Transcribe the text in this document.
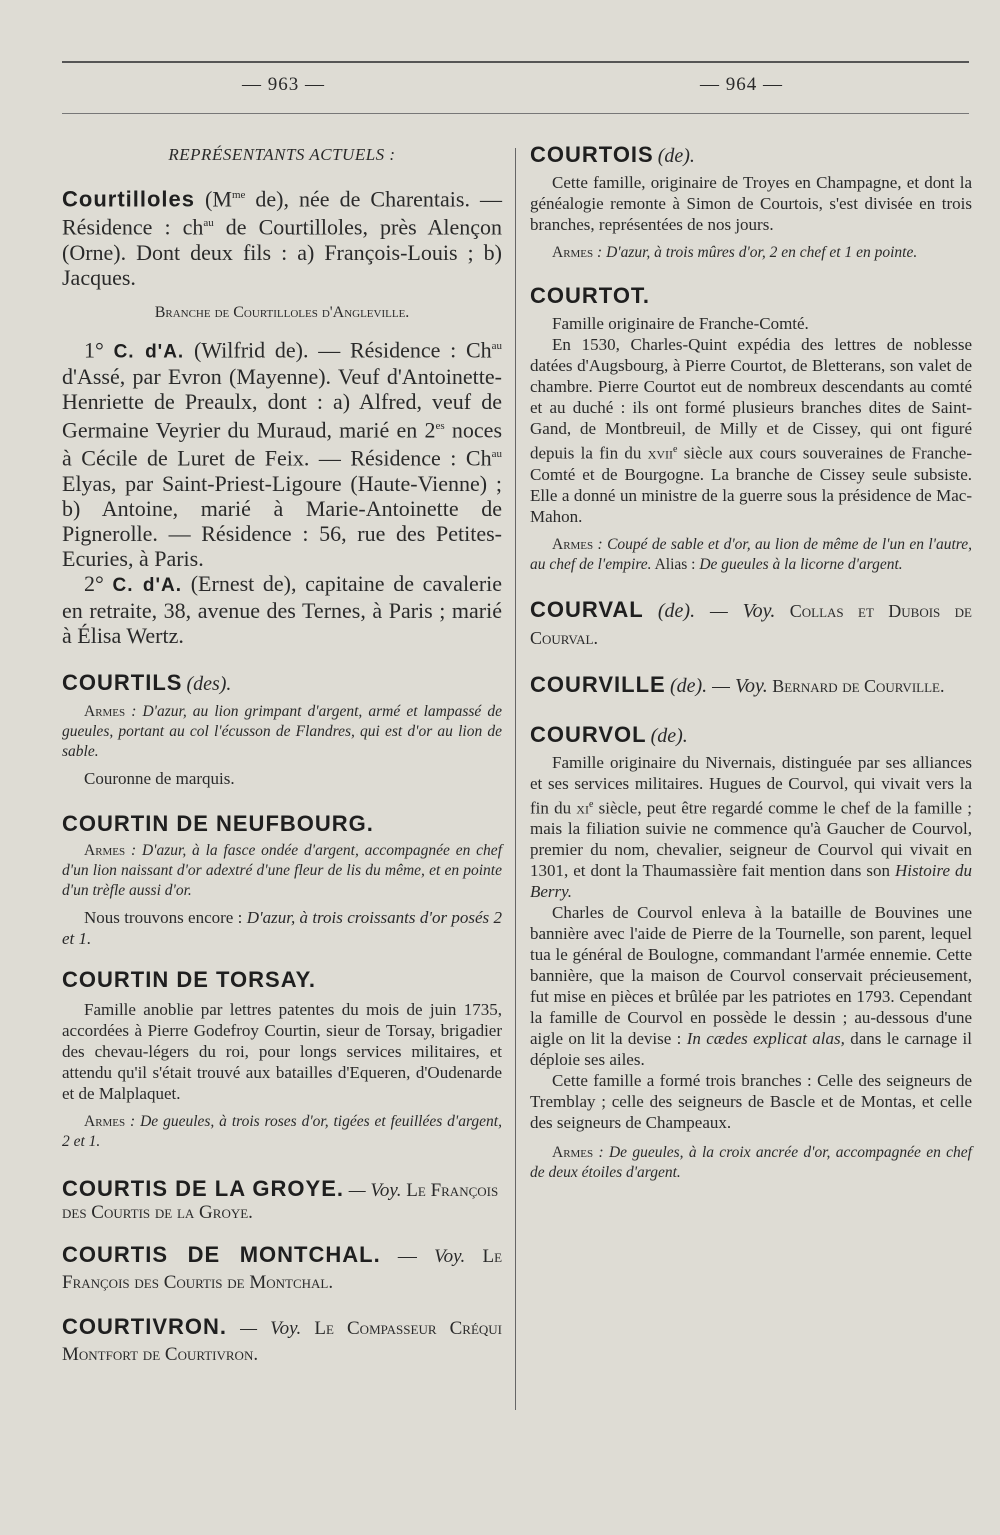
— 963 —	— 964 —

REPRÉSENTANTS ACTUELS :

Courtilloles ($M^{me}$ de), née de Charentais. — Résidence : $ch^{au}$ de Courtilloles, près Alençon (Orne). Dont deux fils : a) François-Louis ; b) Jacques.

Branche de Courtilloles d'Angleville.

1° C. d'A. (Wilfrid de). — Résidence : $Ch^{au}$ d'Assé, par Evron (Mayenne). Veuf d'Antoinette-Henriette de Preaulx, dont : a) Alfred, veuf de Germaine Veyrier du Muraud, marié en $2^{es}$ noces à Cécile de Luret de Feix. — Résidence : $Ch^{au}$ Elyas, par Saint-Priest-Ligoure (Haute-Vienne) ; b) Antoine, marié à Marie-Antoinette de Pignerolle. — Résidence : 56, rue des Petites-Ecuries, à Paris.

2° C. d'A. (Ernest de), capitaine de cavalerie en retraite, 38, avenue des Ternes, à Paris ; marié à Élisa Wertz.

COURTILS (des).

Armes : D'azur, au lion grimpant d'argent, armé et lampassé de gueules, portant au col l'écusson de Flandres, qui est d'or au lion de sable.

Couronne de marquis.

COURTIN DE NEUFBOURG.

Armes : D'azur, à la fasce ondée d'argent, accompagnée en chef d'un lion naissant d'or adextré d'une fleur de lis du même, et en pointe d'un trèfle aussi d'or.

Nous trouvons encore : D'azur, à trois croissants d'or posés 2 et 1.

COURTIN DE TORSAY.

Famille anoblie par lettres patentes du mois de juin 1735, accordées à Pierre Godefroy Courtin, sieur de Torsay, brigadier des chevau-légers du roi, pour longs services militaires, et attendu qu'il s'était trouvé aux batailles d'Equeren, d'Oudenarde et de Malplaquet.

Armes : De gueules, à trois roses d'or, tigées et feuillées d'argent, 2 et 1.

COURTIS DE LA GROYE. — Voy. Le François des Courtis de la Groye.

COURTIS DE MONTCHAL. — Voy. Le François des Courtis de Montchal.

COURTIVRON. — Voy. Le Compasseur Créqui Montfort de Courtivron.

COURTOIS (de).

Cette famille, originaire de Troyes en Champagne, et dont la généalogie remonte à Simon de Courtois, s'est divisée en trois branches, représentées de nos jours.

Armes : D'azur, à trois mûres d'or, 2 en chef et 1 en pointe.

COURTOT.

Famille originaire de Franche-Comté.

En 1530, Charles-Quint expédia des lettres de noblesse datées d'Augsbourg, à Pierre Courtot, de Bletterans, son valet de chambre. Pierre Courtot eut de nombreux descendants au comté et au duché : ils ont formé plusieurs branches dites de Saint-Gand, de Montbreuil, de Milly et de Cissey, qui ont figuré depuis la fin du xvii$^e$ siècle aux cours souveraines de Franche-Comté et de Bourgogne. La branche de Cissey seule subsiste. Elle a donné un ministre de la guerre sous la présidence de Mac-Mahon.

Armes : Coupé de sable et d'or, au lion de même de l'un en l'autre, au chef de l'empire. Alias : De gueules à la licorne d'argent.

COURVAL (de). — Voy. Collas et Dubois de Courval.

COURVILLE (de). — Voy. Bernard de Courville.

COURVOL (de).

Famille originaire du Nivernais, distinguée par ses alliances et ses services militaires. Hugues de Courvol, qui vivait vers la fin du $xi^e$ siècle, peut être regardé comme le chef de la famille ; mais la filiation suivie ne commence qu'à Gaucher de Courvol, premier du nom, chevalier, seigneur de Courvol qui vivait en 1301, et dont la Thaumassière fait mention dans son Histoire du Berry.

Charles de Courvol enleva à la bataille de Bouvines une bannière avec l'aide de Pierre de la Tournelle, son parent, lequel tua le général de Boulogne, commandant l'armée ennemie. Cette bannière, que la maison de Courvol conservait précieusement, fut mise en pièces et brûlée par les patriotes en 1793. Cependant la famille de Courvol en possède le dessin ; au-dessous d'une aigle on lit la devise : In cædes explicat alas, dans le carnage il déploie ses ailes.

Cette famille a formé trois branches : Celle des seigneurs de Tremblay ; celle des seigneurs de Bascle et de Montas, et celle des seigneurs de Champeaux.

Armes : De gueules, à la croix ancrée d'or, accompagnée en chef de deux étoiles d'argent.
